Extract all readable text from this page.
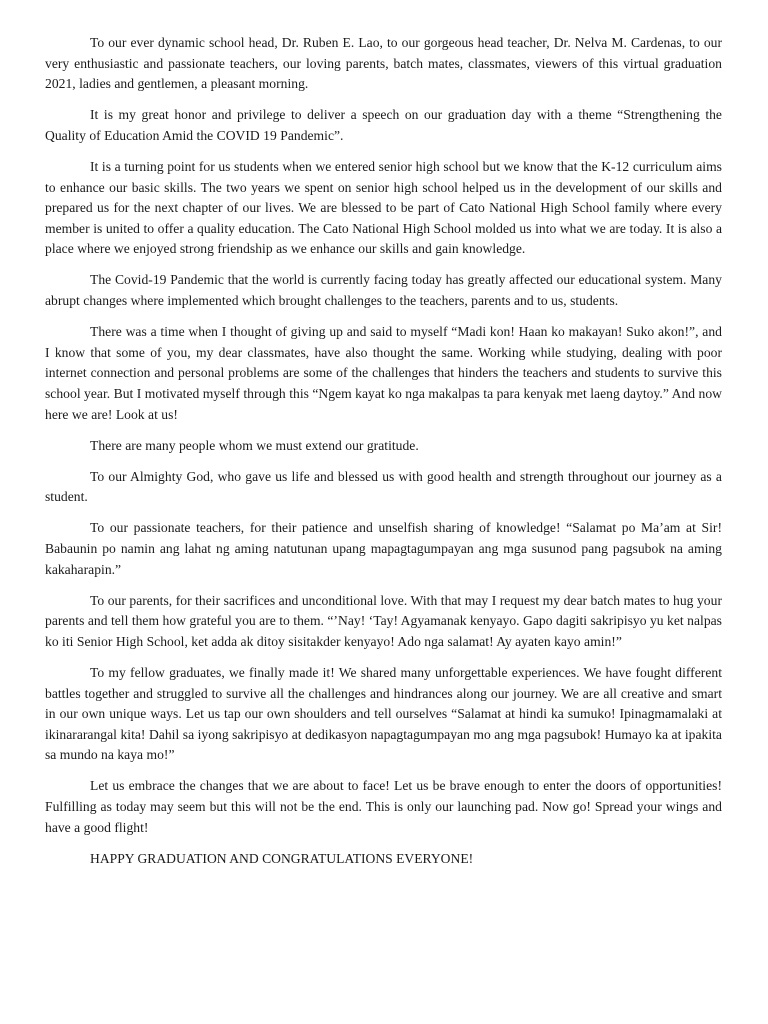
To our ever dynamic school head, Dr. Ruben E. Lao, to our gorgeous head teacher, Dr. Nelva M. Cardenas, to our very enthusiastic and passionate teachers, our loving parents, batch mates, classmates, viewers of this virtual graduation 2021, ladies and gentlemen, a pleasant morning.

It is my great honor and privilege to deliver a speech on our graduation day with a theme “Strengthening the Quality of Education Amid the COVID 19 Pandemic”.

It is a turning point for us students when we entered senior high school but we know that the K-12 curriculum aims to enhance our basic skills. The two years we spent on senior high school helped us in the development of our skills and prepared us for the next chapter of our lives. We are blessed to be part of Cato National High School family where every member is united to offer a quality education. The Cato National High School molded us into what we are today. It is also a place where we enjoyed strong friendship as we enhance our skills and gain knowledge.

The Covid-19 Pandemic that the world is currently facing today has greatly affected our educational system. Many abrupt changes where implemented which brought challenges to the teachers, parents and to us, students.

There was a time when I thought of giving up and said to myself “Madi kon! Haan ko makayan! Suko akon!”, and I know that some of you, my dear classmates, have also thought the same. Working while studying, dealing with poor internet connection and personal problems are some of the challenges that hinders the teachers and students to survive this school year. But I motivated myself through this “Ngem kayat ko nga makalpas ta para kenyak met laeng daytoy.” And now here we are! Look at us!

There are many people whom we must extend our gratitude.

To our Almighty God, who gave us life and blessed us with good health and strength throughout our journey as a student.

To our passionate teachers, for their patience and unselfish sharing of knowledge! “Salamat po Ma’am at Sir! Babaunin po namin ang lahat ng aming natutunan upang mapagtagumpayan ang mga susunod pang pagsubok na aming kakaharapin.”

To our parents, for their sacrifices and unconditional love. With that may I request my dear batch mates to hug your parents and tell them how grateful you are to them. “’Nay! ‘Tay! Agyamanak kenyayo. Gapo dagiti sakripisyo yu ket nalpas ko iti Senior High School, ket adda ak ditoy sisitakder kenyayo! Ado nga salamat! Ay ayaten kayo amin!”

To my fellow graduates, we finally made it! We shared many unforgettable experiences. We have fought different battles together and struggled to survive all the challenges and hindrances along our journey. We are all creative and smart in our own unique ways. Let us tap our own shoulders and tell ourselves “Salamat at hindi ka sumuko! Ipinagmamalaki at ikinararangal kita! Dahil sa iyong sakripisyo at dedikasyon napagtagumpayan mo ang mga pagsubok! Humayo ka at ipakita sa mundo na kaya mo!”

Let us embrace the changes that we are about to face! Let us be brave enough to enter the doors of opportunities! Fulfilling as today may seem but this will not be the end. This is only our launching pad. Now go! Spread your wings and have a good flight!

HAPPY GRADUATION AND CONGRATULATIONS EVERYONE!
